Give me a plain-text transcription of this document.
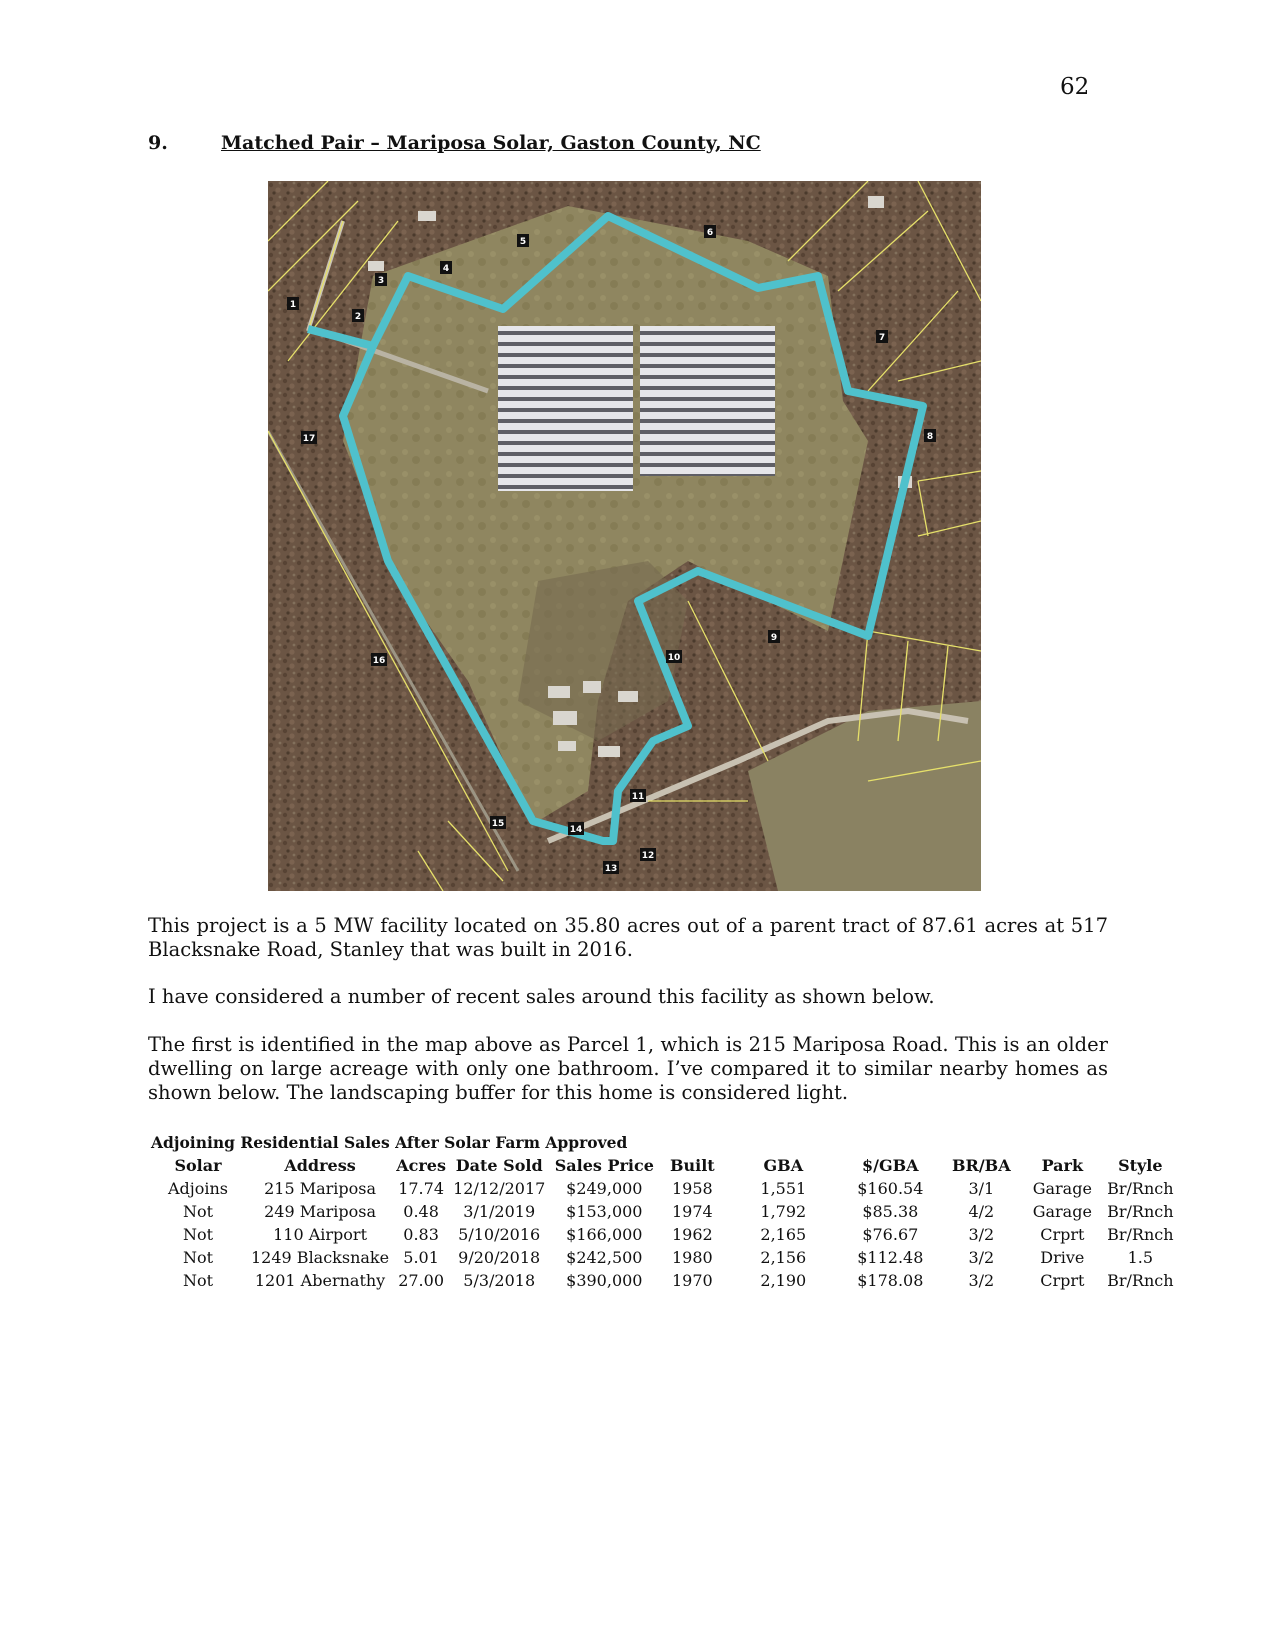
62
9.	Matched Pair – Mariposa Solar, Gaston County, NC
1
2
3
4
5
6
7
8
9
10
11
12
13
14
15
16
17

This project is a 5 MW facility located on 35.80 acres out of a parent tract of 87.61 acres at 517 Blacksnake Road, Stanley that was built in 2016.

I have considered a number of recent sales around this facility as shown below.

The first is identified in the map above as Parcel 1, which is 215 Mariposa Road. This is an older dwelling on large acreage with only one bathroom. I’ve compared it to similar nearby homes as shown below. The landscaping buffer for this home is considered light.

Adjoining Residential Sales After Solar Farm Approved
Solar	Address	Acres	Date Sold	Sales Price	Built	GBA	$/GBA	BR/BA	Park	Style
Adjoins	215 Mariposa	17.74	12/12/2017	$249,000	1958	1,551	$160.54	3/1	Garage	Br/Rnch
Not	249 Mariposa	0.48	3/1/2019	$153,000	1974	1,792	$85.38	4/2	Garage	Br/Rnch
Not	110 Airport	0.83	5/10/2016	$166,000	1962	2,165	$76.67	3/2	Crprt	Br/Rnch
Not	1249 Blacksnake	5.01	9/20/2018	$242,500	1980	2,156	$112.48	3/2	Drive	1.5
Not	1201 Abernathy	27.00	5/3/2018	$390,000	1970	2,190	$178.08	3/2	Crprt	Br/Rnch
